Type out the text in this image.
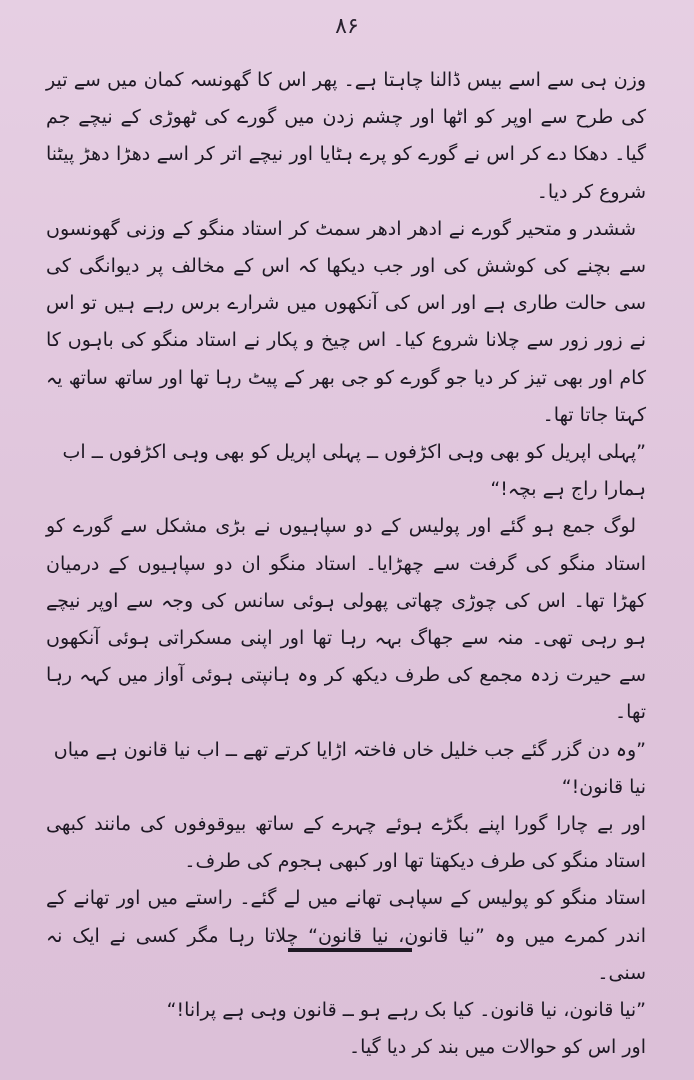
۸۶

وزن ہی سے اسے بیس ڈالنا چاہتا ہے۔ پھر اس کا گھونسہ کمان میں سے تیر کی طرح سے اوپر کو اٹھا اور چشم زدن میں گورے کی ٹھوڑی کے نیچے جم گیا۔ دھکا دے کر اس نے گورے کو پرے ہٹایا اور نیچے اتر کر اسے دھڑا دھڑ پیٹنا شروع کر دیا۔

ششدر و متحیر گورے نے ادھر ادھر سمٹ کر استاد منگو کے وزنی گھونسوں سے بچنے کی کوشش کی اور جب دیکھا کہ اس کے مخالف پر دیوانگی کی سی حالت طاری ہے اور اس کی آنکھوں میں شرارے برس رہے ہیں تو اس نے زور زور سے چلانا شروع کیا۔ اس چیخ و پکار نے استاد منگو کی باہوں کا کام اور بھی تیز کر دیا جو گورے کو جی بھر کے پیٹ رہا تھا اور ساتھ ساتھ یہ کہتا جاتا تھا۔

”پہلی اپریل کو بھی وہی اکڑفوں ــ پہلی اپریل کو بھی وہی اکڑفوں ــ اب ہمارا راج ہے بچہ!“

لوگ جمع ہو گئے اور پولیس کے دو سپاہیوں نے بڑی مشکل سے گورے کو استاد منگو کی گرفت سے چھڑایا۔ استاد منگو ان دو سپاہیوں کے درمیان کھڑا تھا۔ اس کی چوڑی چھاتی پھولی ہوئی سانس کی وجہ سے اوپر نیچے ہو رہی تھی۔ منہ سے جھاگ بہہ رہا تھا اور اپنی مسکراتی ہوئی آنکھوں سے حیرت زدہ مجمع کی طرف دیکھ کر وہ ہانپتی ہوئی آواز میں کہہ رہا تھا۔

”وہ دن گزر گئے جب خلیل خاں فاختہ اڑایا کرتے تھے ــ اب نیا قانون ہے میاں نیا قانون!“

اور بے چارا گورا اپنے بگڑے ہوئے چہرے کے ساتھ بیوقوفوں کی مانند کبھی استاد منگو کی طرف دیکھتا تھا اور کبھی ہجوم کی طرف۔

استاد منگو کو پولیس کے سپاہی تھانے میں لے گئے۔ راستے میں اور تھانے کے اندر کمرے میں وہ ”نیا قانون، نیا قانون“ چلاتا رہا مگر کسی نے ایک نہ سنی۔

”نیا قانون، نیا قانون۔ کیا بک رہے ہو ــ قانون وہی ہے پرانا!“

اور اس کو حوالات میں بند کر دیا گیا۔
